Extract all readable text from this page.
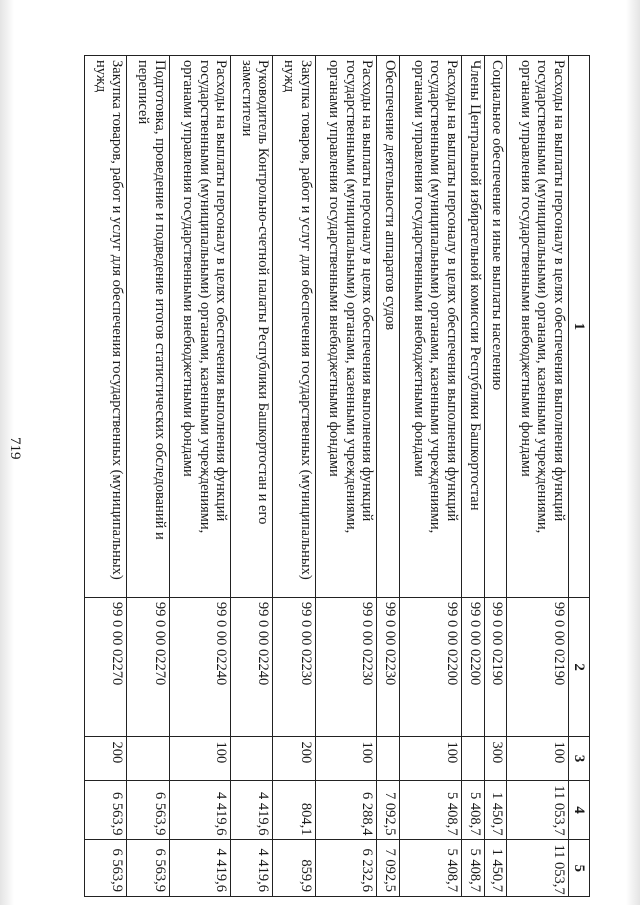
719
1	2	3	4	5
Расходы на выплаты персоналу в целях обеспечения выполнения функций государственными (муниципальными) органами, казенными учреждениями, органами управления государственными внебюджетными фондами	99 0 00 02190	100	11 053,7	11 053,7
Социальное обеспечение и иные выплаты населению	99 0 00 02190	300	1 450,7	1 450,7
Члены Центральной избирательной комиссии Республики Башкортостан	99 0 00 02200		5 408,7	5 408,7
Расходы на выплаты персоналу в целях обеспечения выполнения функций государственными (муниципальными) органами, казенными учреждениями, органами управления государственными внебюджетными фондами	99 0 00 02200	100	5 408,7	5 408,7
Обеспечение деятельности аппаратов судов	99 0 00 02230		7 092,5	7 092,5
Расходы на выплаты персоналу в целях обеспечения выполнения функций государственными (муниципальными) органами, казенными учреждениями, органами управления государственными внебюджетными фондами	99 0 00 02230	100	6 288,4	6 232,6
Закупка товаров, работ и услуг для обеспечения государственных (муниципальных) нужд	99 0 00 02230	200	804,1	859,9
Руководитель Контрольно-счетной палаты Республики Башкортостан и его заместители	99 0 00 02240		4 419,6	4 419,6
Расходы на выплаты персоналу в целях обеспечения выполнения функций государственными (муниципальными) органами, казенными учреждениями, органами управления государственными внебюджетными фондами	99 0 00 02240	100	4 419,6	4 419,6
Подготовка, проведение и подведение итогов статистических обследований и переписей	99 0 00 02270		6 563,9	6 563,9
Закупка товаров, работ и услуг для обеспечения государственных (муниципальных) нужд	99 0 00 02270	200	6 563,9	6 563,9
